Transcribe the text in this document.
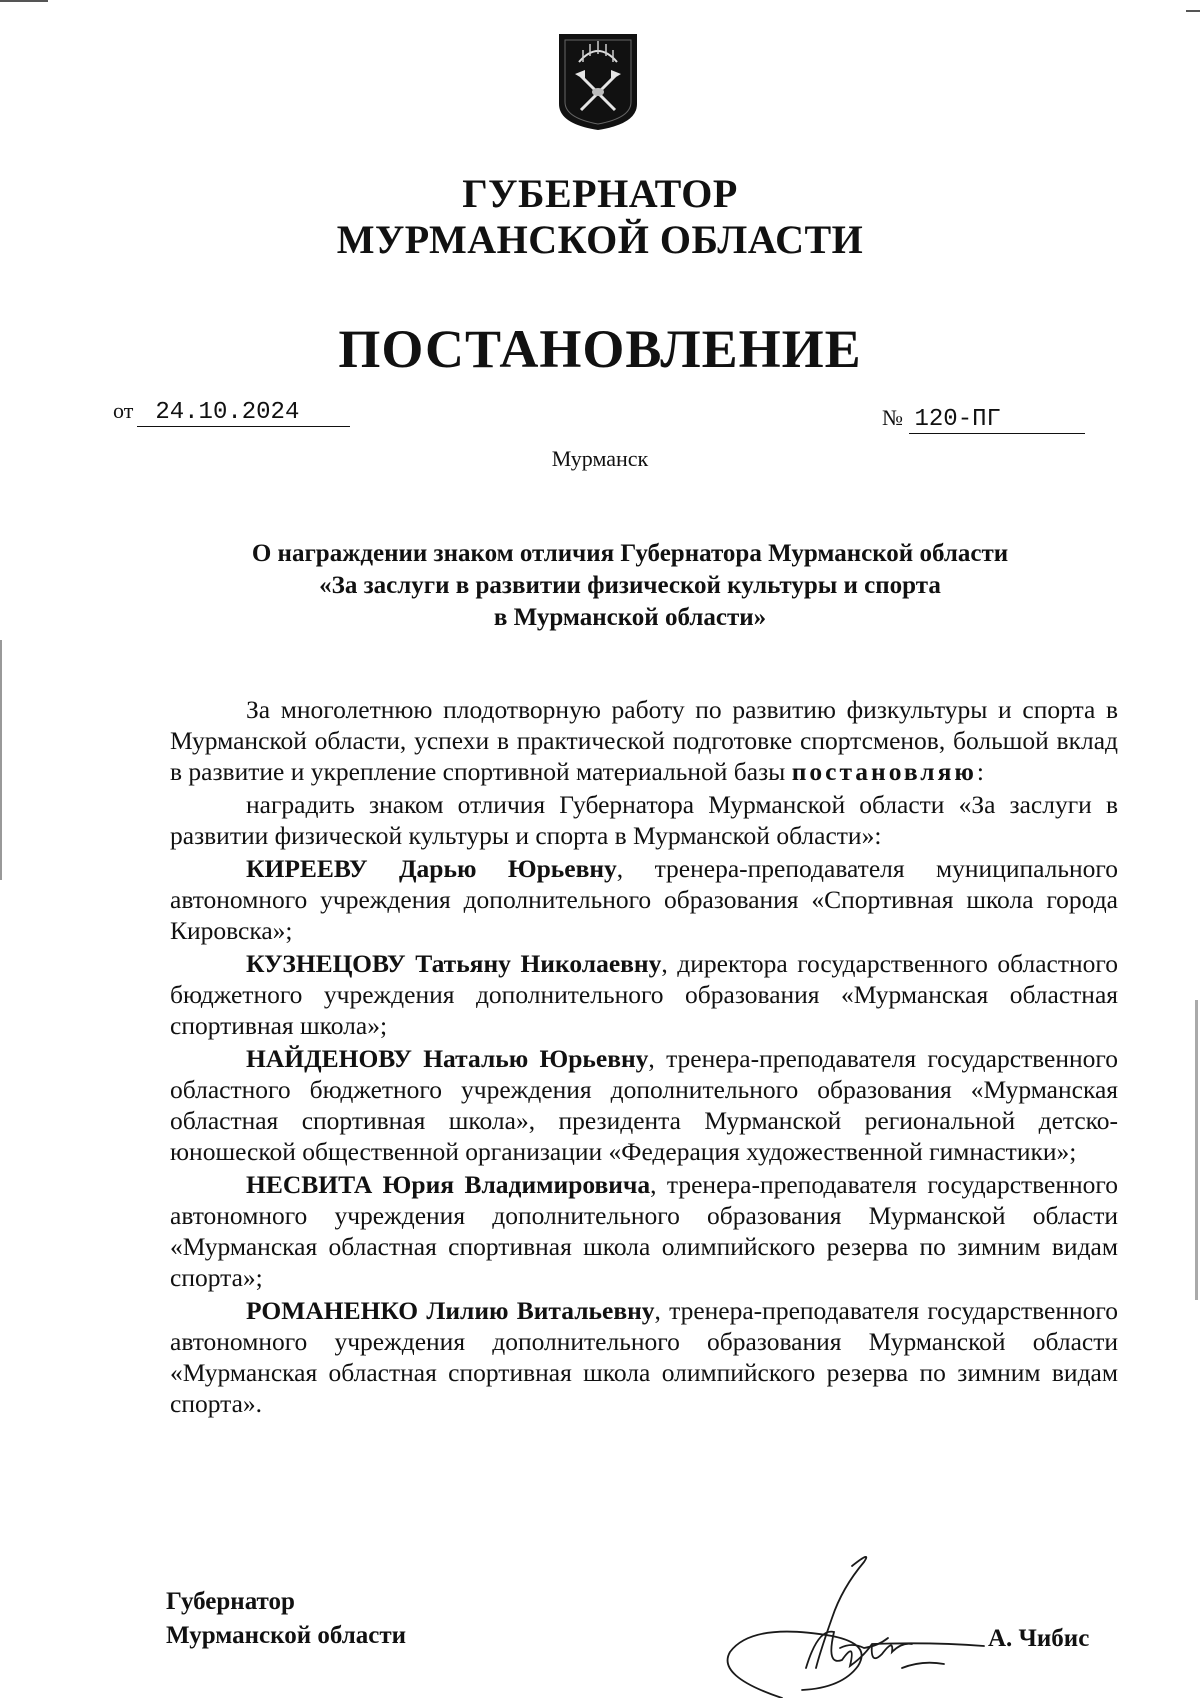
ГУБЕРНАТОР
МУРМАНСКОЙ ОБЛАСТИ
ПОСТАНОВЛЕНИЕ
от 24.10.2024	№ 120-ПГ
Мурманск
О награждении знаком отличия Губернатора Мурманской области
«За заслуги в развитии физической культуры и спорта
в Мурманской области»

За многолетнюю плодотворную работу по развитию физкультуры и спорта в Мурманской области, успехи в практической подготовке спортсменов, большой вклад в развитие и укрепление спортивной материальной базы постановляю:

наградить знаком отличия Губернатора Мурманской области «За заслуги в развитии физической культуры и спорта в Мурманской области»:

КИРЕЕВУ Дарью Юрьевну, тренера-преподавателя муниципального автономного учреждения дополнительного образования «Спортивная школа города Кировска»;

КУЗНЕЦОВУ Татьяну Николаевну, директора государственного областного бюджетного учреждения дополнительного образования «Мурманская областная спортивная школа»;

НАЙДЕНОВУ Наталью Юрьевну, тренера-преподавателя государственного областного бюджетного учреждения дополнительного образования «Мурманская областная спортивная школа», президента Мурманской региональной детско-юношеской общественной организации «Федерация художественной гимнастики»;

НЕСВИТА Юрия Владимировича, тренера-преподавателя государственного автономного учреждения дополнительного образования Мурманской области «Мурманская областная спортивная школа олимпийского резерва по зимним видам спорта»;

РОМАНЕНКО Лилию Витальевну, тренера-преподавателя государственного автономного учреждения дополнительного образования Мурманской области «Мурманская областная спортивная школа олимпийского резерва по зимним видам спорта».

Губернатор
Мурманской области	А. Чибис
